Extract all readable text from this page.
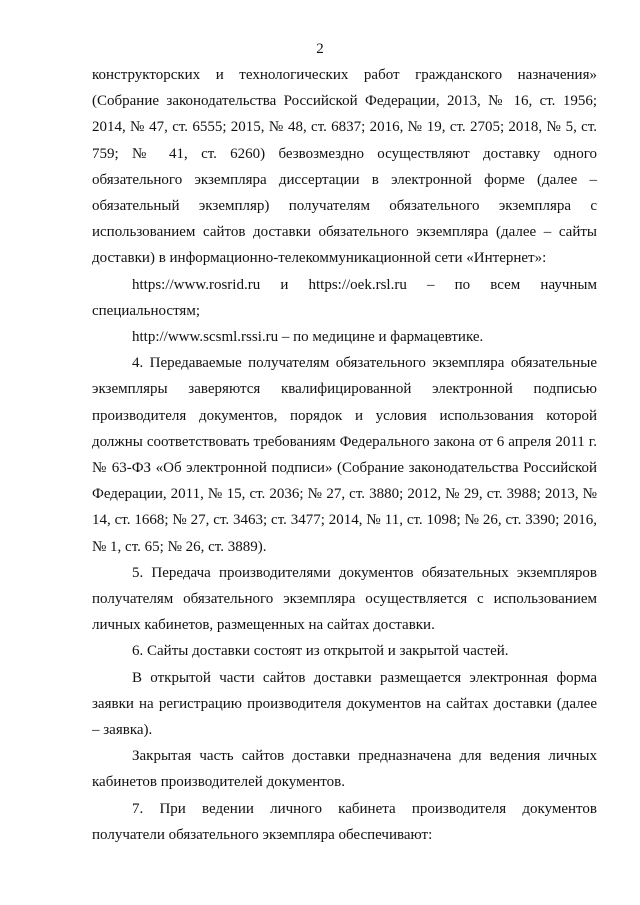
2

конструкторских и технологических работ гражданского назначения» (Собрание законодательства Российской Федерации, 2013, № 16, ст. 1956; 2014, № 47, ст. 6555; 2015, № 48, ст. 6837; 2016, № 19, ст. 2705; 2018, № 5, ст. 759; № 41, ст. 6260) безвозмездно осуществляют доставку одного обязательного экземпляра диссертации в электронной форме (далее – обязательный экземпляр) получателям обязательного экземпляра с использованием сайтов доставки обязательного экземпляра (далее – сайты доставки) в информационно-телекоммуникационной сети «Интернет»:

https://www.rosrid.ru и https://oek.rsl.ru – по всем научным специальностям;

http://www.scsml.rssi.ru – по медицине и фармацевтике.

4. Передаваемые получателям обязательного экземпляра обязательные экземпляры заверяются квалифицированной электронной подписью производителя документов, порядок и условия использования которой должны соответствовать требованиям Федерального закона от 6 апреля 2011 г. № 63-ФЗ «Об электронной подписи» (Собрание законодательства Российской Федерации, 2011, № 15, ст. 2036; № 27, ст. 3880; 2012, № 29, ст. 3988; 2013, № 14, ст. 1668; № 27, ст. 3463; ст. 3477; 2014, № 11, ст. 1098; № 26, ст. 3390; 2016, № 1, ст. 65; № 26, ст. 3889).

5. Передача производителями документов обязательных экземпляров получателям обязательного экземпляра осуществляется с использованием личных кабинетов, размещенных на сайтах доставки.

6. Сайты доставки состоят из открытой и закрытой частей.

В открытой части сайтов доставки размещается электронная форма заявки на регистрацию производителя документов на сайтах доставки (далее – заявка).

Закрытая часть сайтов доставки предназначена для ведения личных кабинетов производителей документов.

7. При ведении личного кабинета производителя документов получатели обязательного экземпляра обеспечивают:
